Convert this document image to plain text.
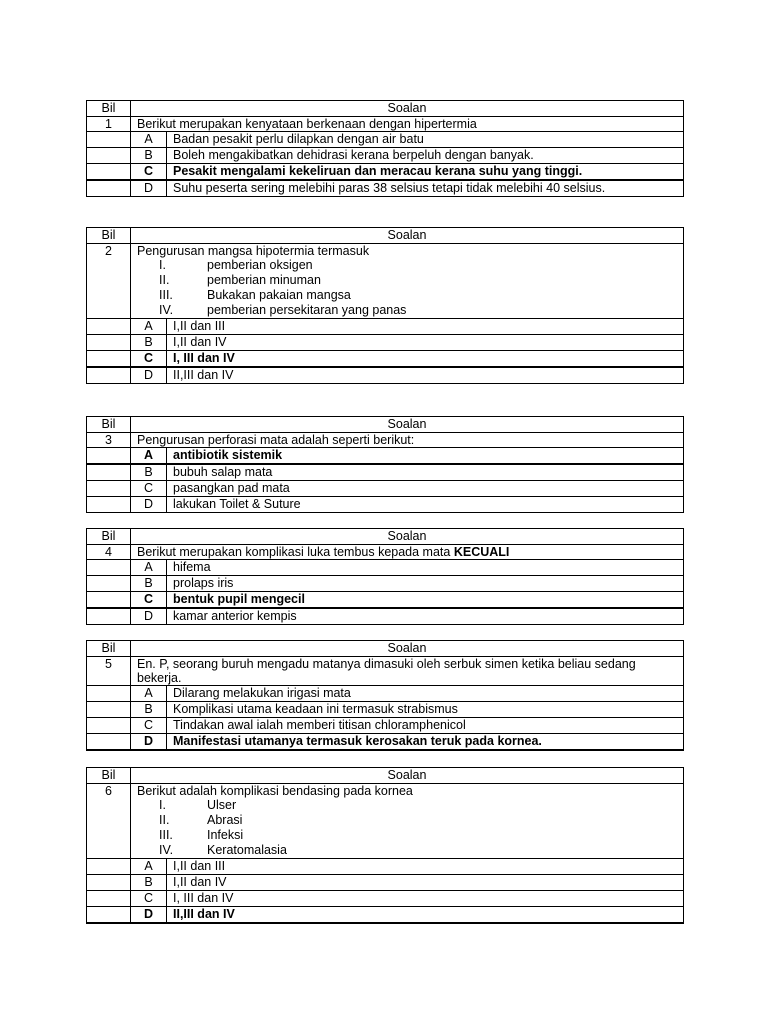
Bil	Soalan	
1	Berikut merupakan kenyataan berkenaan dengan hipertermia	

	A	Badan pesakit perlu dilapkan dengan air batu
	B	Boleh mengakibatkan dehidrasi kerana berpeluh dengan banyak.
	C	Pesakit mengalami kekeliruan dan meracau kerana suhu yang tinggi.
	D	Suhu peserta sering melebihi paras 38 selsius tetapi tidak melebihi 40 selsius.
Bil	Soalan	
2	Pengurusan mangsa hipotermia termasuk
I. pemberian oksigen
II. pemberian minuman
III. Bukakan pakaian mangsa
IV. pemberian persekitaran yang panas	

	A	I,II dan III
	B	I,II dan IV
	C	I, III dan IV
	D	II,III dan IV
Bil	Soalan	
3	Pengurusan perforasi mata adalah seperti berikut:	

	A	antibiotik sistemik
	B	bubuh salap mata
	C	pasangkan pad mata
	D	lakukan Toilet & Suture
Bil	Soalan	
4	Berikut merupakan komplikasi luka tembus kepada mata KECUALI	

	A	hifema
	B	prolaps iris
	C	bentuk pupil mengecil
	D	kamar anterior kempis
Bil	Soalan	
5	En. P, seorang buruh mengadu matanya dimasuki oleh serbuk simen ketika beliau sedang bekerja.	

	A	Dilarang melakukan irigasi mata
	B	Komplikasi utama keadaan ini termasuk strabismus
	C	Tindakan awal ialah memberi titisan chloramphenicol
	D	Manifestasi utamanya termasuk kerosakan teruk pada kornea.
Bil	Soalan	
6	Berikut adalah komplikasi bendasing pada kornea
I. Ulser
II. Abrasi
III. Infeksi
IV. Keratomalasia	

	A	I,II dan III
	B	I,II dan IV
	C	I, III dan IV
	D	II,III dan IV
